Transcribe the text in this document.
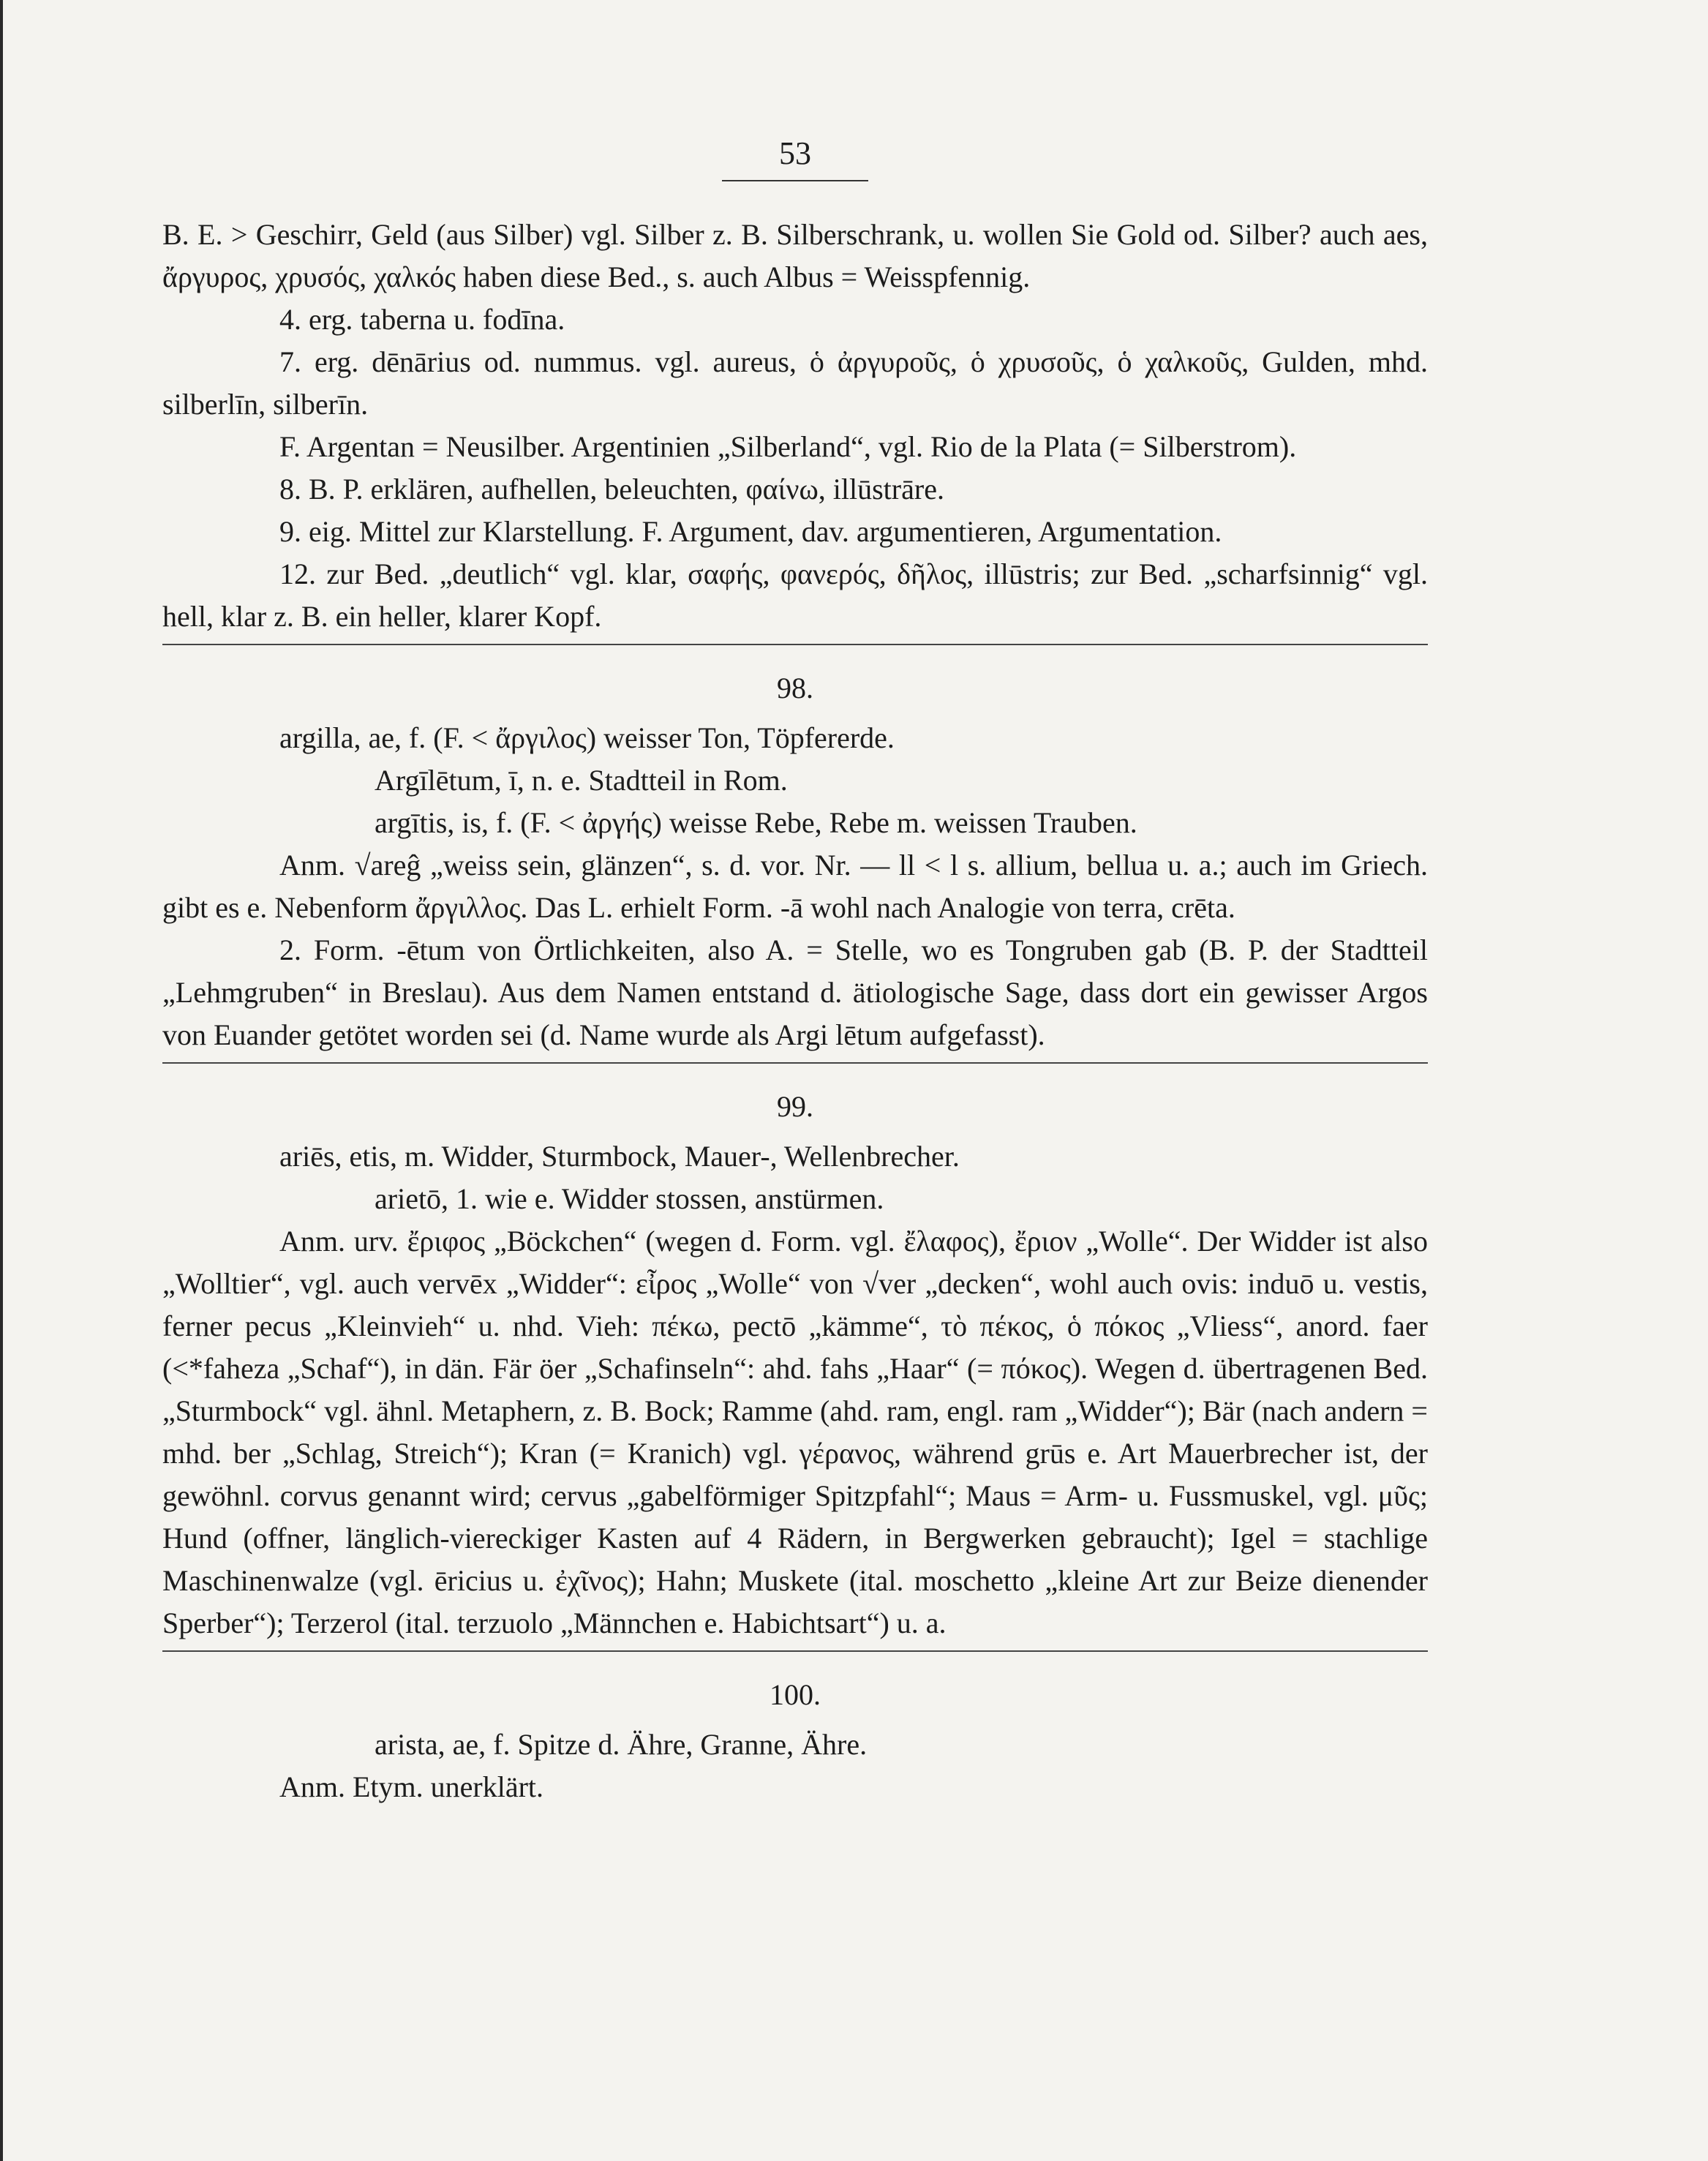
53

B. E. > Geschirr, Geld (aus Silber) vgl. Silber z. B. Silberschrank, u. wollen Sie Gold od. Silber? auch aes, ἄργυρος, χρυσός, χαλκός haben diese Bed., s. auch Albus = Weisspfennig.

4. erg. taberna u. fodīna.

7. erg. dēnārius od. nummus. vgl. aureus, ὁ ἀργυροῦς, ὁ χρυσοῦς, ὁ χαλκοῦς, Gulden, mhd. silberlīn, silberīn.

F. Argentan = Neusilber. Argentinien „Silberland“, vgl. Rio de la Plata (= Silberstrom).

8. B. P. erklären, aufhellen, beleuchten, φαίνω, illūstrāre.

9. eig. Mittel zur Klarstellung. F. Argument, dav. argumentieren, Argumentation.

12. zur Bed. „deutlich“ vgl. klar, σαφής, φανερός, δῆλος, illūstris; zur Bed. „scharfsinnig“ vgl. hell, klar z. B. ein heller, klarer Kopf.

98.

argilla, ae, f. (F. < ἄργιλος) weisser Ton, Töpfererde.

Argīlētum, ī, n. e. Stadtteil in Rom.

argītis, is, f. (F. < ἀργής) weisse Rebe, Rebe m. weissen Trauben.

Anm. √areĝ „weiss sein, glänzen“, s. d. vor. Nr. — ll < l s. allium, bellua u. a.; auch im Griech. gibt es e. Nebenform ἄργιλλος. Das L. erhielt Form. -ā wohl nach Analogie von terra, crēta.

2. Form. -ētum von Örtlichkeiten, also A. = Stelle, wo es Tongruben gab (B. P. der Stadtteil „Lehmgruben“ in Breslau). Aus dem Namen entstand d. ätiologische Sage, dass dort ein gewisser Argos von Euander getötet worden sei (d. Name wurde als Argi lētum aufgefasst).

99.

ariēs, etis, m. Widder, Sturmbock, Mauer-, Wellenbrecher.

arietō, 1. wie e. Widder stossen, anstürmen.

Anm. urv. ἔριφος „Böckchen“ (wegen d. Form. vgl. ἔλαφος), ἔριον „Wolle“. Der Widder ist also „Wolltier“, vgl. auch vervēx „Widder“: εἶρος „Wolle“ von √ver „decken“, wohl auch ovis: induō u. vestis, ferner pecus „Kleinvieh“ u. nhd. Vieh: πέκω, pectō „kämme“, τὸ πέκος, ὁ πόκος „Vliess“, anord. faer (<*faheza „Schaf“), in dän. Fär öer „Schafinseln“: ahd. fahs „Haar“ (= πόκος). Wegen d. übertragenen Bed. „Sturmbock“ vgl. ähnl. Metaphern, z. B. Bock; Ramme (ahd. ram, engl. ram „Widder“); Bär (nach andern = mhd. ber „Schlag, Streich“); Kran (= Kranich) vgl. γέρανος, während grūs e. Art Mauerbrecher ist, der gewöhnl. corvus genannt wird; cervus „gabelförmiger Spitzpfahl“; Maus = Arm- u. Fussmuskel, vgl. μῦς; Hund (offner, länglich-viereckiger Kasten auf 4 Rädern, in Bergwerken gebraucht); Igel = stachlige Maschinenwalze (vgl. ēricius u. ἐχῖνος); Hahn; Muskete (ital. moschetto „kleine Art zur Beize dienender Sperber“); Terzerol (ital. terzuolo „Männchen e. Habichtsart“) u. a.

100.

arista, ae, f. Spitze d. Ähre, Granne, Ähre.

Anm. Etym. unerklärt.
